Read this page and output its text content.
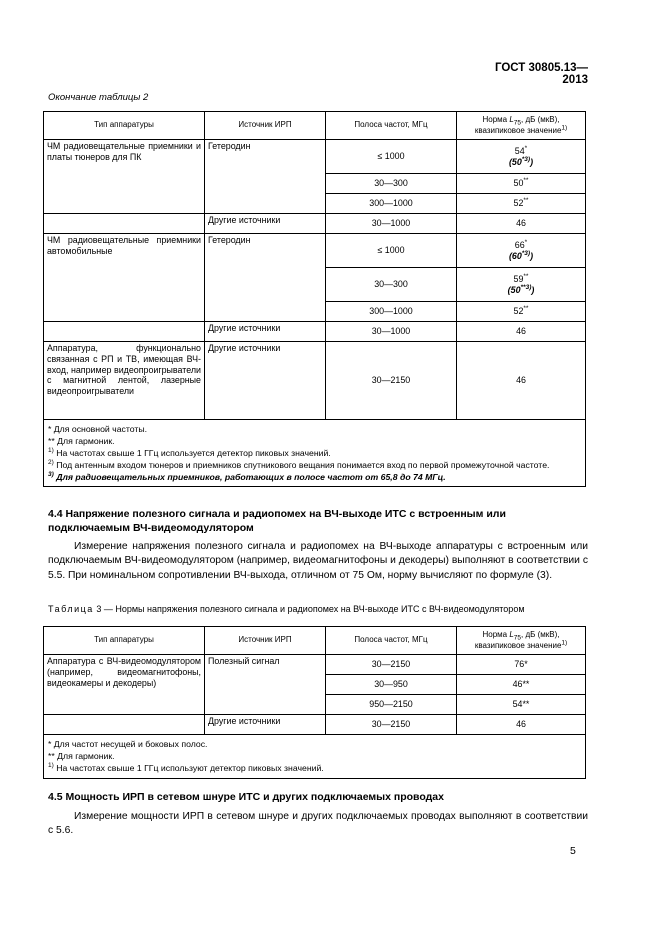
ГОСТ 30805.13—2013
Окончание таблицы 2
Тип аппаратуры	Источник ИРП	Полоса частот, МГц	Норма $L_{75}$, дБ (мкВ),
квазипиковое значение$^{1)}$
ЧМ радиовещательные приемники и платы тюнеров для ПК	Гетеродин	≤ 1000	54*
(50$^{*3)}$)
		30—300	50**
		300—1000	52**
	Другие источники	30—1000	46
ЧМ радиовещательные приемники автомобильные	Гетеродин	≤ 1000	66*
(60$^{*3)}$)
		30—300	59**
(50$^{**3)}$)
		300—1000	52**
	Другие источники	30—1000	46
Аппаратура, функционально связанная с РП и ТВ, имеющая ВЧ-вход, например видеопроигрыватели с магнитной лентой, лазерные видеопроигрыватели	Другие источники	30—2150	46

* Для основной частоты.
** Для гармоник.
$^{1)}$ На частотах свыше 1 ГГц используется детектор пиковых значений.
$^{2)}$ Под антенным входом тюнеров и приемников спутникового вещания понимается вход по первой промежуточной частоте.
$^{3)}$ Для радиовещательных приемников, работающих в полосе частот от 65,8 до 74 МГц.			
4.4 Напряжение полезного сигнала и радиопомех на ВЧ-выходе ИТС с встроенным или подключаемым ВЧ-видеомодулятором
Измерение напряжения полезного сигнала и радиопомех на ВЧ-выходе аппаратуры с встроенным или подключаемым ВЧ-видеомодулятором (например, видеомагнитофоны и декодеры) выполняют в соответствии с 5.5. При номинальном сопротивлении ВЧ-выхода, отличном от 75 Ом, норму вычисляют по формуле (3).
Таблица 3 — Нормы напряжения полезного сигнала и радиопомех на ВЧ-выходе ИТС с ВЧ-видеомодулятором
Тип аппаратуры	Источник ИРП	Полоса частот, МГц	Норма $L_{75}$, дБ (мкВ),
квазипиковое значение$^{1)}$
Аппаратура с ВЧ-видеомодулятором (например, видеомагнитофоны, видеокамеры и декодеры)	Полезный сигнал	30—2150	76*
		30—950	46**
		950—2150	54**
	Другие источники	30—2150	46

* Для частот несущей и боковых полос.
** Для гармоник.
$^{1)}$ На частотах свыше 1 ГГц используют детектор пиковых значений.			
4.5 Мощность ИРП в сетевом шнуре ИТС и других подключаемых проводах
Измерение мощности ИРП в сетевом шнуре и других подключаемых проводах выполняют в соответствии с 5.6.
5
